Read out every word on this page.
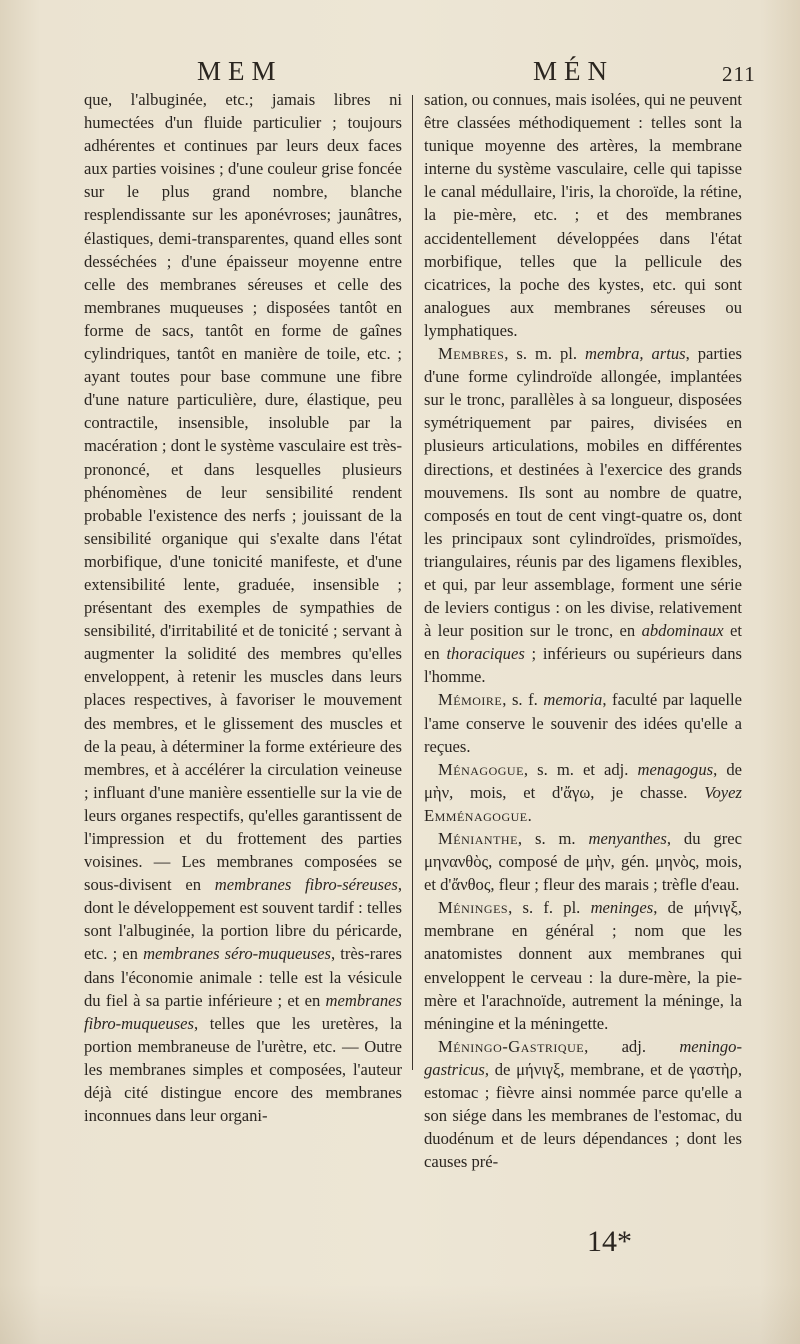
MEM	MÉN	211

que, l'albuginée, etc.; jamais libres ni humectées d'un fluide particulier ; toujours adhérentes et continues par leurs deux faces aux parties voisines ; d'une couleur grise foncée sur le plus grand nombre, blanche resplendissante sur les aponévroses; jaunâtres, élastiques, demi-transparentes, quand elles sont desséchées ; d'une épaisseur moyenne entre celle des membranes séreuses et celle des membranes muqueuses ; disposées tantôt en forme de sacs, tantôt en forme de gaînes cylindriques, tantôt en manière de toile, etc. ; ayant toutes pour base commune une fibre d'une nature particulière, dure, élastique, peu contractile, insensible, insoluble par la macération ; dont le système vasculaire est très-prononcé, et dans lesquelles plusieurs phénomènes de leur sensibilité rendent probable l'existence des nerfs ; jouissant de la sensibilité organique qui s'exalte dans l'état morbifique, d'une tonicité manifeste, et d'une extensibilité lente, graduée, insensible ; présentant des exemples de sympathies de sensibilité, d'irritabilité et de tonicité ; servant à augmenter la solidité des membres qu'elles enveloppent, à retenir les muscles dans leurs places respectives, à favoriser le mouvement des membres, et le glissement des muscles et de la peau, à déterminer la forme extérieure des membres, et à accélérer la circulation veineuse ; influant d'une manière essentielle sur la vie de leurs organes respectifs, qu'elles garantissent de l'impression et du frottement des parties voisines. — Les membranes composées se sous-divisent en membranes fibro-séreuses, dont le développement est souvent tardif : telles sont l'albuginée, la portion libre du péricarde, etc. ; en membranes séro-muqueuses, très-rares dans l'économie animale : telle est la vésicule du fiel à sa partie inférieure ; et en membranes fibro-muqueuses, telles que les uretères, la portion membraneuse de l'urètre, etc. — Outre les membranes simples et composées, l'auteur déjà cité distingue encore des membranes inconnues dans leur organi-

sation, ou connues, mais isolées, qui ne peuvent être classées méthodiquement : telles sont la tunique moyenne des artères, la membrane interne du système vasculaire, celle qui tapisse le canal médullaire, l'iris, la choroïde, la rétine, la pie-mère, etc. ; et des membranes accidentellement développées dans l'état morbifique, telles que la pellicule des cicatrices, la poche des kystes, etc. qui sont analogues aux membranes séreuses ou lymphatiques.

Membres, s. m. pl. membra, artus, parties d'une forme cylindroïde allongée, implantées sur le tronc, parallèles à sa longueur, disposées symétriquement par paires, divisées en plusieurs articulations, mobiles en différentes directions, et destinées à l'exercice des grands mouvemens. Ils sont au nombre de quatre, composés en tout de cent vingt-quatre os, dont les principaux sont cylindroïdes, prismoïdes, triangulaires, réunis par des ligamens flexibles, et qui, par leur assemblage, forment une série de leviers contigus : on les divise, relativement à leur position sur le tronc, en abdominaux et en thoraciques ; inférieurs ou supérieurs dans l'homme.

Mémoire, s. f. memoria, faculté par laquelle l'ame conserve le souvenir des idées qu'elle a reçues.

Ménagogue, s. m. et adj. menagogus, de μὴν, mois, et d'ἄγω, je chasse. Voyez Emménagogue.

Ménianthe, s. m. menyanthes, du grec μηνανθὸς, composé de μὴν, gén. μηνὸς, mois, et d'ἄνθος, fleur ; fleur des marais ; trèfle d'eau.

Méninges, s. f. pl. meninges, de μήνιγξ, membrane en général ; nom que les anatomistes donnent aux membranes qui enveloppent le cerveau : la dure-mère, la pie-mère et l'arachnoïde, autrement la méninge, la méningine et la méningette.

Méningo-Gastrique, adj. meningo-gastricus, de μήνιγξ, membrane, et de γαστὴρ, estomac ; fièvre ainsi nommée parce qu'elle a son siége dans les membranes de l'estomac, du duodénum et de leurs dépendances ; dont les causes pré-

14*
